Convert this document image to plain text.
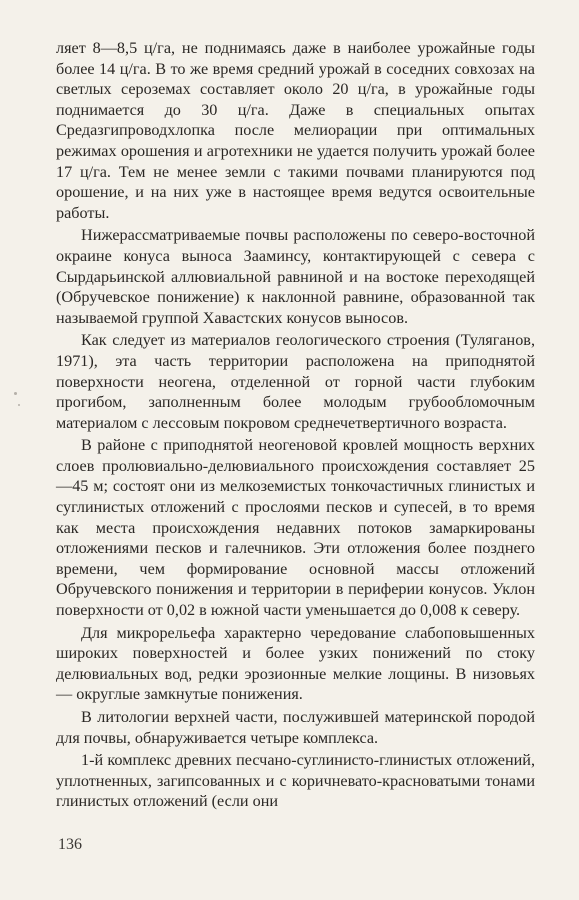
ляет 8—8,5 ц/га, не поднимаясь даже в наиболее урожайные годы более 14 ц/га. В то же время средний урожай в соседних совхозах на светлых сероземах составляет около 20 ц/га, в урожайные годы поднимается до 30 ц/га. Даже в специальных опытах Средазгипроводхлопка после мелиорации при оптимальных режимах орошения и агротехники не удается получить урожай более 17 ц/га. Тем не менее земли с такими почвами планируются под орошение, и на них уже в настоящее время ведутся освоительные работы.

Нижерассматриваемые почвы расположены по северо-восточной окраине конуса выноса Зааминсу, контактирующей с севера с Сырдарьинской аллювиальной равниной и на востоке переходящей (Обручевское понижение) к наклонной равнине, образованной так называемой группой Хавастских конусов выносов.

Как следует из материалов геологического строения (Туляганов, 1971), эта часть территории расположена на приподнятой поверхности неогена, отделенной от горной части глубоким прогибом, заполненным более молодым грубообломочным материалом с лессовым покровом среднечетвертичного возраста.

В районе с приподнятой неогеновой кровлей мощность верхних слоев пролювиально-делювиального происхождения составляет 25—45 м; состоят они из мелкоземистых тонкочастичных глинистых и суглинистых отложений с прослоями песков и супесей, в то время как места происхождения недавних потоков замаркированы отложениями песков и галечников. Эти отложения более позднего времени, чем формирование основной массы отложений Обручевского понижения и территории в периферии конусов. Уклон поверхности от 0,02 в южной части уменьшается до 0,008 к северу.

Для микрорельефа характерно чередование слабоповышенных широких поверхностей и более узких понижений по стоку делювиальных вод, редки эрозионные мелкие лощины. В низовьях — округлые замкнутые понижения.

В литологии верхней части, послужившей материнской породой для почвы, обнаруживается четыре комплекса.

1-й комплекс древних песчано-суглинисто-глинистых отложений, уплотненных, загипсованных и с коричневато-красноватыми тонами глинистых отложений (если они

136
